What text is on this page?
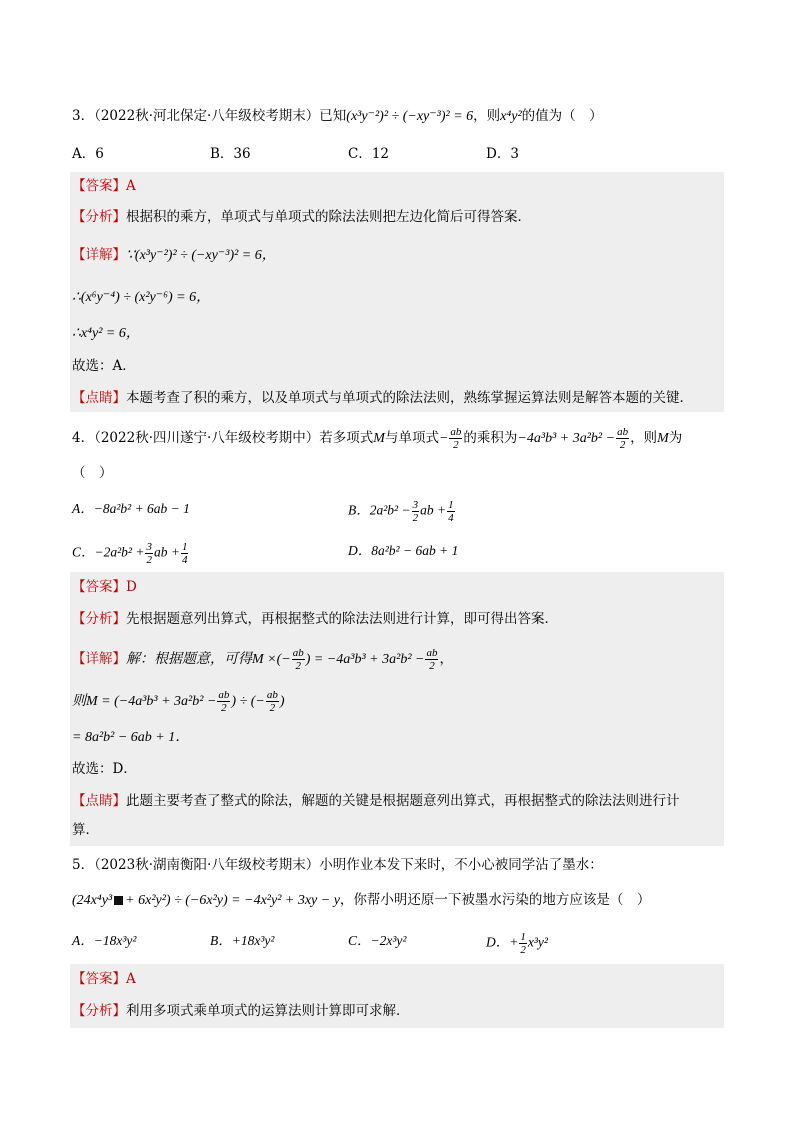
3．（2022秋·河北保定·八年级校考期末）已知(x³y⁻²)² ÷ (−xy⁻³)² = 6，则x⁴y²的值为（　）
A．6	B．36	C．12	D．3
【答案】A
【分析】根据积的乘方，单项式与单项式的除法法则把左边化简后可得答案．
【详解】∵(x³y⁻²)² ÷ (−xy⁻³)² = 6，
∴(x⁶y⁻⁴) ÷ (x²y⁻⁶) = 6，
∴x⁴y² = 6，
故选：A．
【点睛】本题考查了积的乘方，以及单项式与单项式的除法法则，熟练掌握运算法则是解答本题的关键．
4．（2022秋·四川遂宁·八年级校考期中）若多项式M与单项式− $\frac{ab}{2}$ 的乘积为$-4a^3b^3 + 3a^2b^2 - \frac{ab}{2}$ ，则M为
（　）
A．−8a²b² + 6ab − 1	B．$2a^2b^2 - \frac{3}{2}$ ab + $\frac{1}{4}$
C．$-2a^2b^2 + \frac{3}{2}$ ab + $\frac{1}{4}$	D．8a²b² − 6ab + 1
【答案】D
【分析】先根据题意列出算式，再根据整式的除法法则进行计算，即可得出答案．
【详解】解：根据题意，可得M ×(− $\frac{ab}{2}$ ) = $-4a^3b^3 + 3a^2b^2 - \frac{ab}{2}$ ，
则$M = (-4a^3b^3 + 3a^2b^2 - \frac{ab}{2}$ ) ÷ (− $\frac{ab}{2}$ )
= 8a²b² − 6ab + 1．
故选：D．
【点睛】此题主要考查了整式的除法，解题的关键是根据题意列出算式，再根据整式的除法法则进行计
算．
5．（2023秋·湖南衡阳·八年级校考期末）小明作业本发下来时，不小心被同学沾了墨水：
(24x⁴y³ + 6x²y²) ÷ (−6x²y) = −4x²y² + 3xy − y，你帮小明还原一下被墨水污染的地方应该是（　）
A．−18x³y²	B．+18x³y²	C．−2x³y²	D．+ $\frac{1}{2} x^3y^2$
【答案】A
【分析】利用多项式乘单项式的运算法则计算即可求解．
